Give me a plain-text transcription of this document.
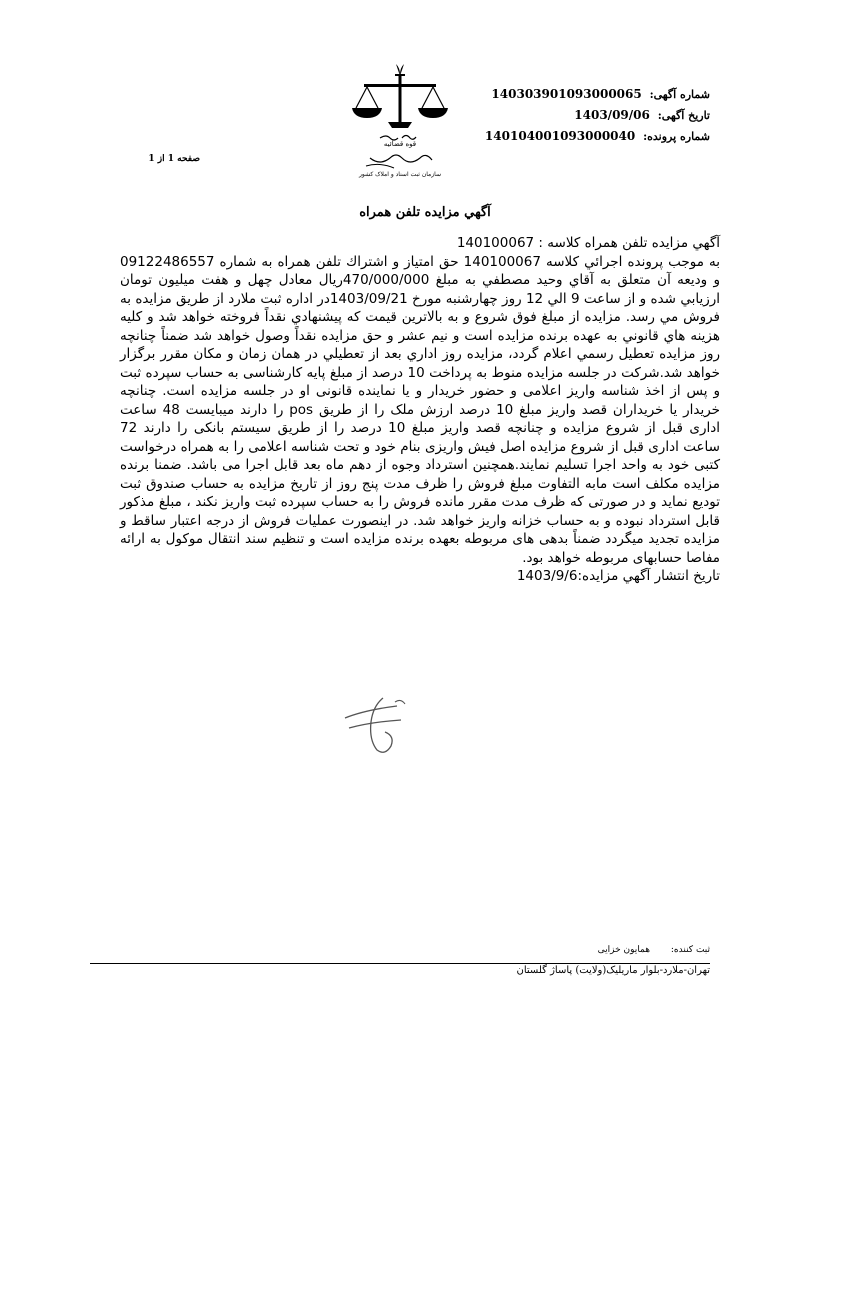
شماره آگهی: 140303901093000065
تاریخ آگهی: 1403/09/06
شماره پرونده: 140104001093000040
صفحه 1 از 1
قوه قضائیه
سازمان ثبت اسناد و املاک کشور
آگهي مزايده تلفن همراه

آگهي مزايده تلفن همراه کلاسه : 140100067

به موجب پرونده اجرائي کلاسه 140100067 حق امتياز و اشتراك تلفن همراه به شماره 09122486557 و وديعه آن متعلق به آقاي وحيد مصطفي به مبلغ 470/000/000ريال معادل چهل و هفت ميليون تومان ارزيابي شده و از ساعت 9 الي 12 روز چهارشنبه مورخ 1403/09/21در اداره ثبت ملارد از طريق مزايده به فروش مي رسد. مزايده از مبلغ فوق شروع و به بالاترين قيمت كه پيشنهادي نقداً فروخته خواهد شد و كليه هزينه هاي قانوني به عهده برنده مزايده است و نيم عشر و حق مزايده نقداً وصول خواهد شد ضمناً چنانچه روز مزايده تعطيل رسمي اعلام گردد، مزايده روز اداري بعد از تعطيلي در همان زمان و مكان مقرر برگزار خواهد شد.شرکت در جلسه مزايده منوط به پرداخت 10 درصد از مبلغ پایه کارشناسی به حساب سپرده ثبت و پس از اخذ شناسه واریز اعلامی و حضور خریدار و یا نماینده قانونی او در جلسه مزایده است. چنانچه خریدار یا خریداران قصد واریز مبلغ 10 درصد ارزش ملک را از طریق pos را دارند میبایست 48 ساعت اداری قبل از شروع مزایده و چنانچه قصد واریز مبلغ 10 درصد را از طریق سیستم بانکی را دارند 72 ساعت اداری قبل از شروع مزایده اصل فیش واریزی بنام خود و تحت شناسه اعلامی را به همراه درخواست کتبی خود به واحد اجرا تسلیم نمایند.همچنین استرداد وجوه از دهم ماه بعد قابل اجرا می باشد. ضمنا برنده مزایده مکلف است مابه التفاوت مبلغ فروش را ظرف مدت پنج روز از تاریخ مزایده به حساب صندوق ثبت تودیع نماید و در صورتی که ظرف مدت مقرر مانده فروش را به حساب سپرده ثبت واریز نکند ، مبلغ مذکور قابل استرداد نبوده و به حساب خزانه واریز خواهد شد. در اینصورت عملیات فروش از درجه اعتبار ساقط و مزایده تجدید میگردد ضمناً بدهی های مربوطه بعهده برنده مزایده است و تنظیم سند انتقال موکول به ارائه مفاصا حسابهای مربوطه خواهد بود.

تاريخ انتشار آگهي مزايده:1403/9/6

ثبت کننده: همایون خزایی
تهران-ملارد-بلوار ماریلیک(ولایت) پاساژ گلستان
